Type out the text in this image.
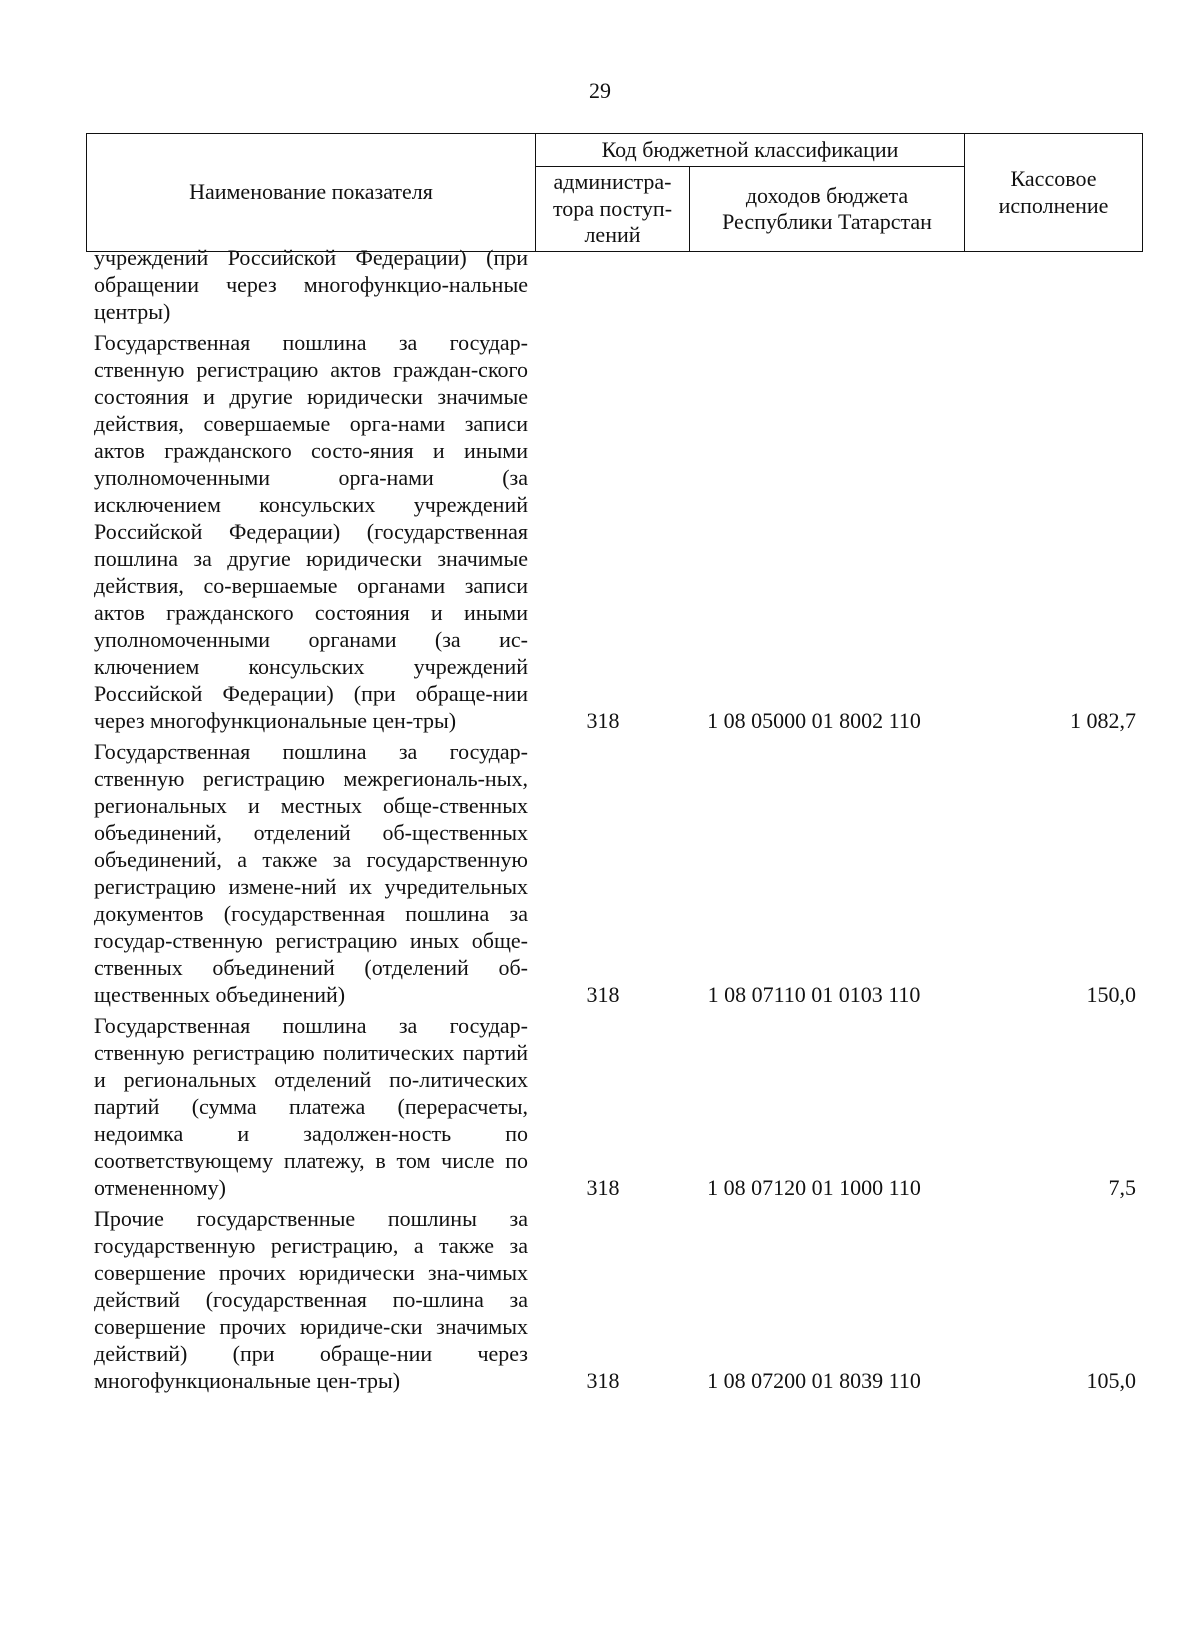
29
Наименование показателя	Код бюджетной классификации		Кассовое исполнение
	администра-тора поступ-лений	доходов бюджета Республики Татарстан	
учреждений Российской Федерации) (при обращении через многофункцио-нальные центры)
Государственная пошлина за государ-ственную регистрацию актов граждан-ского состояния и другие юридически значимые действия, совершаемые орга-нами записи актов гражданского состо-яния и иными уполномоченными орга-нами (за исключением консульских учреждений Российской Федерации) (государственная пошлина за другие юридически значимые действия, со-вершаемые органами записи актов гражданского состояния и иными уполномоченными органами (за ис-ключением консульских учреждений Российской Федерации) (при обраще-нии через многофункциональные цен-тры)	318	1 08 05000 01 8002 110	1 082,7
Государственная пошлина за государ-ственную регистрацию межрегиональ-ных, региональных и местных обще-ственных объединений, отделений об-щественных объединений, а также за государственную регистрацию измене-ний их учредительных документов (государственная пошлина за государ-ственную регистрацию иных обще-ственных объединений (отделений об-щественных объединений)	318	1 08 07110 01 0103 110	150,0
Государственная пошлина за государ-ственную регистрацию политических партий и региональных отделений по-литических партий (сумма платежа (перерасчеты, недоимка и задолжен-ность по соответствующему платежу, в том числе по отмененному)	318	1 08 07120 01 1000 110	7,5
Прочие государственные пошлины за государственную регистрацию, а также за совершение прочих юридически зна-чимых действий (государственная по-шлина за совершение прочих юридиче-ски значимых действий) (при обраще-нии через многофункциональные цен-тры)	318	1 08 07200 01 8039 110	105,0
